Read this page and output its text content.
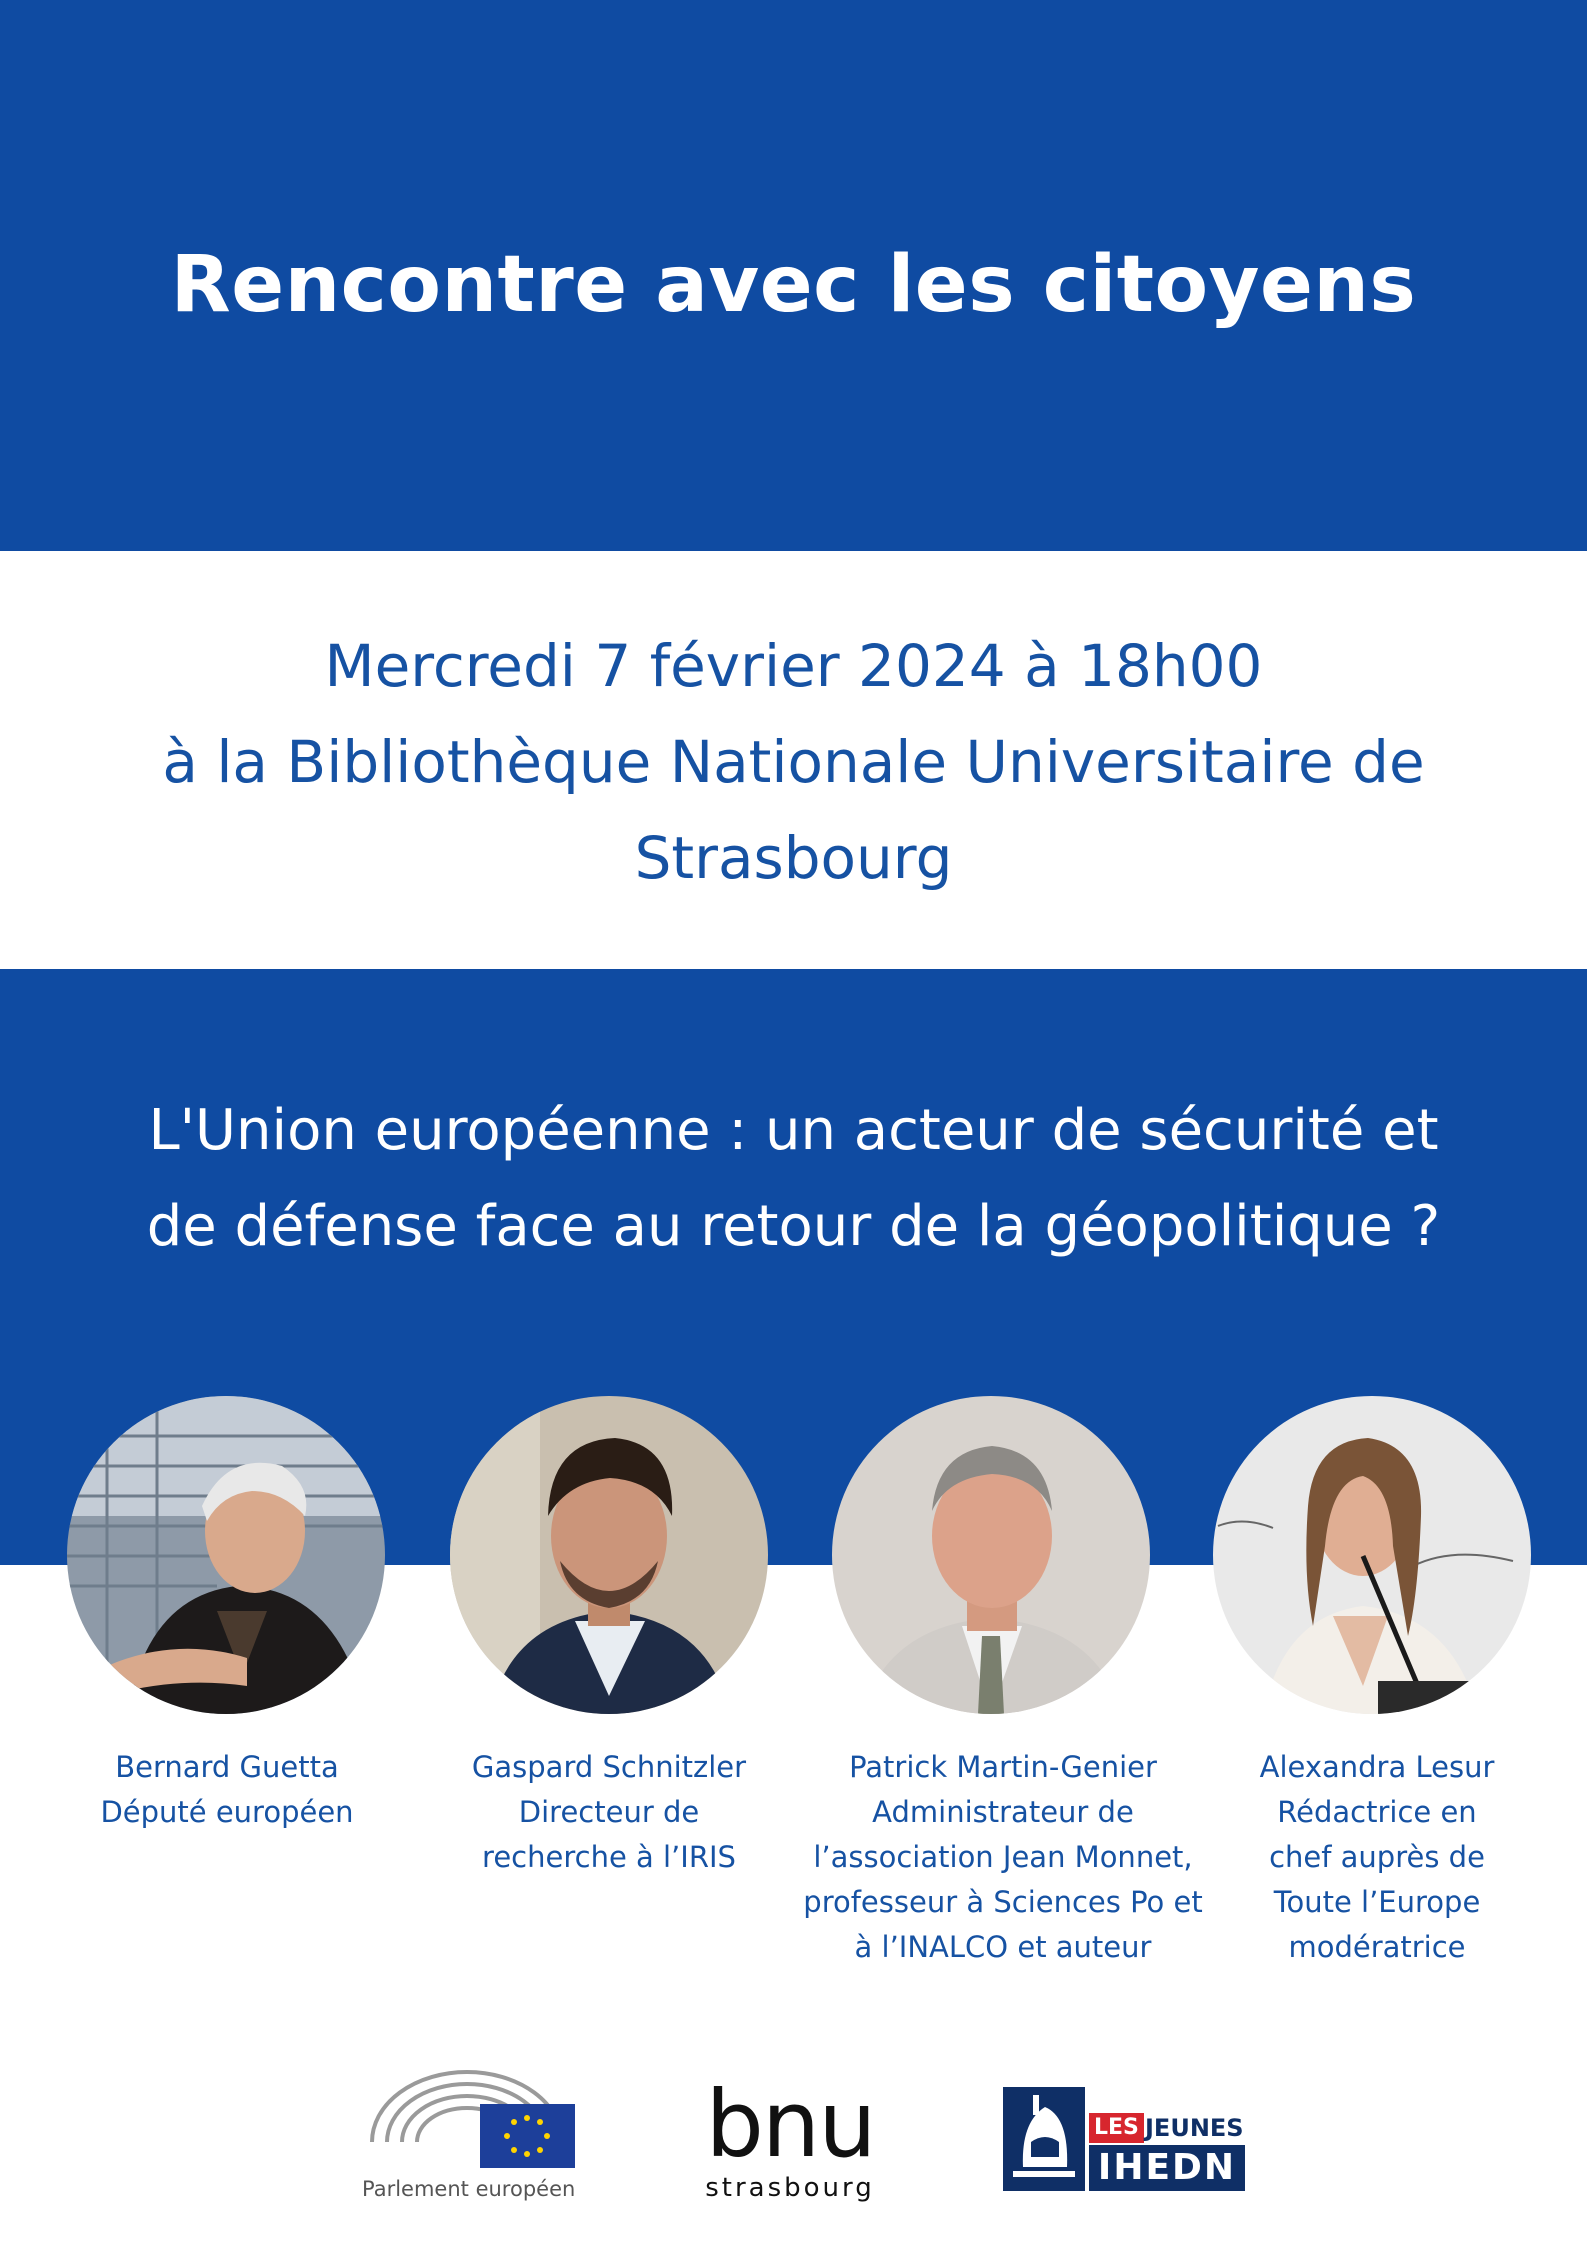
Rencontre avec les citoyens
Mercredi 7 février 2024 à 18h00
à la Bibliothèque Nationale Universitaire de
Strasbourg
L'Union européenne : un acteur de sécurité et
de défense face au retour de la géopolitique ?
Bernard Guetta
Député européen
Gaspard Schnitzler
Directeur de
recherche à l’IRIS
Patrick Martin-Genier
Administrateur de
l’association Jean Monnet,
professeur à Sciences Po et
à l’INALCO et auteur
Alexandra Lesur
Rédactrice en
chef auprès de
Toute l’Europe
modératrice
Parlement européen
bnu
strasbourg
LES JEUNES
IHEDN
